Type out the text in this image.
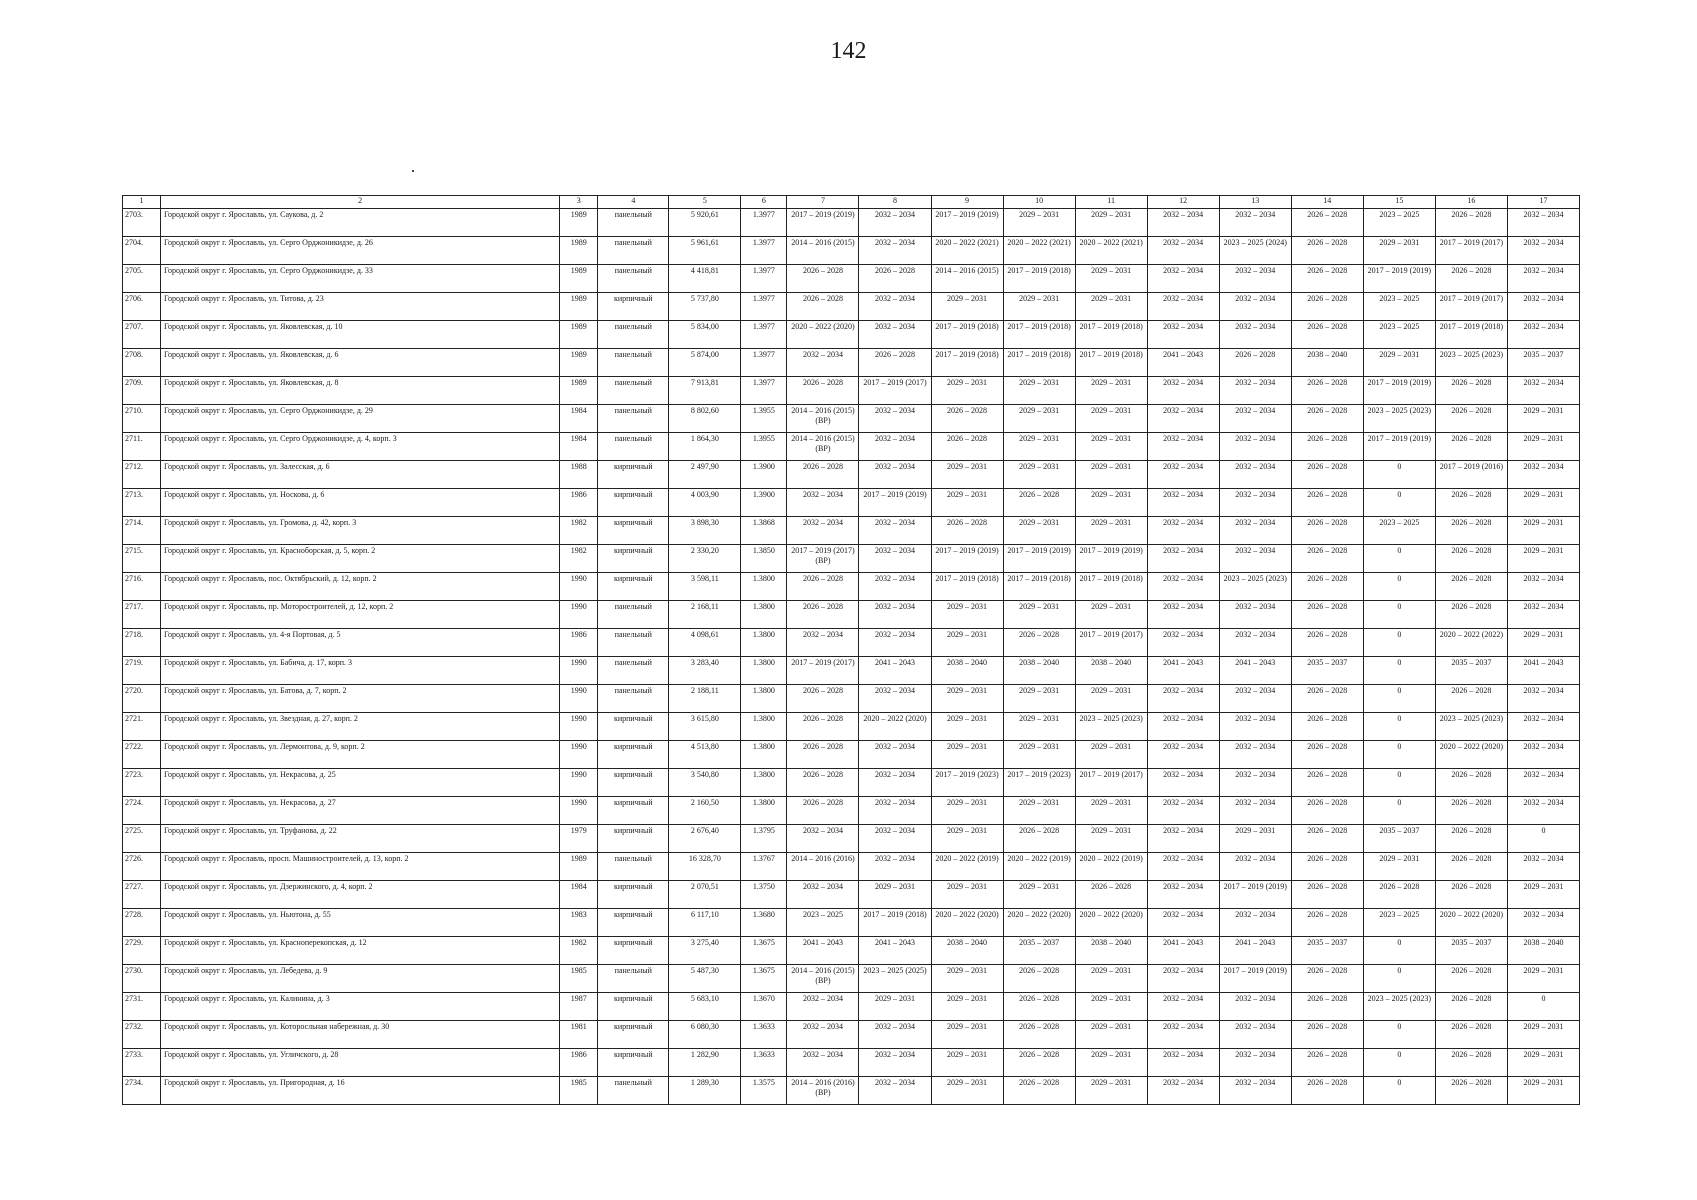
142
1	2	3	4	5	6	7	8	9	10	11	12	13	14	15	16	17
2703.	Городской округ г. Ярославль, ул. Саукова, д. 2	1989	панельный	5 920,61	1.3977	2017 – 2019 (2019)	2032 – 2034	2017 – 2019 (2019)	2029 – 2031	2029 – 2031	2032 – 2034	2032 – 2034	2026 – 2028	2023 – 2025	2026 – 2028	2032 – 2034
2704.	Городской округ г. Ярославль, ул. Серго Орджоникидзе, д. 26	1989	панельный	5 961,61	1.3977	2014 – 2016 (2015)	2032 – 2034	2020 – 2022 (2021)	2020 – 2022 (2021)	2020 – 2022 (2021)	2032 – 2034	2023 – 2025 (2024)	2026 – 2028	2029 – 2031	2017 – 2019 (2017)	2032 – 2034
2705.	Городской округ г. Ярославль, ул. Серго Орджоникидзе, д. 33	1989	панельный	4 418,81	1.3977	2026 – 2028	2026 – 2028	2014 – 2016 (2015)	2017 – 2019 (2018)	2029 – 2031	2032 – 2034	2032 – 2034	2026 – 2028	2017 – 2019 (2019)	2026 – 2028	2032 – 2034
2706.	Городской округ г. Ярославль, ул. Титова, д. 23	1989	кирпичный	5 737,80	1.3977	2026 – 2028	2032 – 2034	2029 – 2031	2029 – 2031	2029 – 2031	2032 – 2034	2032 – 2034	2026 – 2028	2023 – 2025	2017 – 2019 (2017)	2032 – 2034
2707.	Городской округ г. Ярославль, ул. Яковлевская, д. 10	1989	панельный	5 834,00	1.3977	2020 – 2022 (2020)	2032 – 2034	2017 – 2019 (2018)	2017 – 2019 (2018)	2017 – 2019 (2018)	2032 – 2034	2032 – 2034	2026 – 2028	2023 – 2025	2017 – 2019 (2018)	2032 – 2034
2708.	Городской округ г. Ярославль, ул. Яковлевская, д. 6	1989	панельный	5 874,00	1.3977	2032 – 2034	2026 – 2028	2017 – 2019 (2018)	2017 – 2019 (2018)	2017 – 2019 (2018)	2041 – 2043	2026 – 2028	2038 – 2040	2029 – 2031	2023 – 2025 (2023)	2035 – 2037
2709.	Городской округ г. Ярославль, ул. Яковлевская, д. 8	1989	панельный	7 913,81	1.3977	2026 – 2028	2017 – 2019 (2017)	2029 – 2031	2029 – 2031	2029 – 2031	2032 – 2034	2032 – 2034	2026 – 2028	2017 – 2019 (2019)	2026 – 2028	2032 – 2034
2710.	Городской округ г. Ярославль, ул. Серго Орджоникидзе, д. 29	1984	панельный	8 802,60	1.3955	2014 – 2016 (2015) (ВР)	2032 – 2034	2026 – 2028	2029 – 2031	2029 – 2031	2032 – 2034	2032 – 2034	2026 – 2028	2023 – 2025 (2023)	2026 – 2028	2029 – 2031
2711.	Городской округ г. Ярославль, ул. Серго Орджоникидзе, д. 4, корп. 3	1984	панельный	1 864,30	1.3955	2014 – 2016 (2015) (ВР)	2032 – 2034	2026 – 2028	2029 – 2031	2029 – 2031	2032 – 2034	2032 – 2034	2026 – 2028	2017 – 2019 (2019)	2026 – 2028	2029 – 2031
2712.	Городской округ г. Ярославль, ул. Залесская, д. 6	1988	кирпичный	2 497,90	1.3900	2026 – 2028	2032 – 2034	2029 – 2031	2029 – 2031	2029 – 2031	2032 – 2034	2032 – 2034	2026 – 2028	0	2017 – 2019 (2016)	2032 – 2034
2713.	Городской округ г. Ярославль, ул. Носкова, д. 6	1986	кирпичный	4 003,90	1.3900	2032 – 2034	2017 – 2019 (2019)	2029 – 2031	2026 – 2028	2029 – 2031	2032 – 2034	2032 – 2034	2026 – 2028	0	2026 – 2028	2029 – 2031
2714.	Городской округ г. Ярославль, ул. Громова, д. 42, корп. 3	1982	кирпичный	3 898,30	1.3868	2032 – 2034	2032 – 2034	2026 – 2028	2029 – 2031	2029 – 2031	2032 – 2034	2032 – 2034	2026 – 2028	2023 – 2025	2026 – 2028	2029 – 2031
2715.	Городской округ г. Ярославль, ул. Красноборская, д. 5, корп. 2	1982	кирпичный	2 330,20	1.3850	2017 – 2019 (2017) (ВР)	2032 – 2034	2017 – 2019 (2019)	2017 – 2019 (2019)	2017 – 2019 (2019)	2032 – 2034	2032 – 2034	2026 – 2028	0	2026 – 2028	2029 – 2031
2716.	Городской округ г. Ярославль, пос. Октябрьский, д. 12, корп. 2	1990	кирпичный	3 598,11	1.3800	2026 – 2028	2032 – 2034	2017 – 2019 (2018)	2017 – 2019 (2018)	2017 – 2019 (2018)	2032 – 2034	2023 – 2025 (2023)	2026 – 2028	0	2026 – 2028	2032 – 2034
2717.	Городской округ г. Ярославль, пр. Моторостроителей, д. 12, корп. 2	1990	панельный	2 168,11	1.3800	2026 – 2028	2032 – 2034	2029 – 2031	2029 – 2031	2029 – 2031	2032 – 2034	2032 – 2034	2026 – 2028	0	2026 – 2028	2032 – 2034
2718.	Городской округ г. Ярославль, ул. 4-я Портовая, д. 5	1986	панельный	4 098,61	1.3800	2032 – 2034	2032 – 2034	2029 – 2031	2026 – 2028	2017 – 2019 (2017)	2032 – 2034	2032 – 2034	2026 – 2028	0	2020 – 2022 (2022)	2029 – 2031
2719.	Городской округ г. Ярославль, ул. Бабича, д. 17, корп. 3	1990	панельный	3 283,40	1.3800	2017 – 2019 (2017)	2041 – 2043	2038 – 2040	2038 – 2040	2038 – 2040	2041 – 2043	2041 – 2043	2035 – 2037	0	2035 – 2037	2041 – 2043
2720.	Городской округ г. Ярославль, ул. Батова, д. 7, корп. 2	1990	панельный	2 188,11	1.3800	2026 – 2028	2032 – 2034	2029 – 2031	2029 – 2031	2029 – 2031	2032 – 2034	2032 – 2034	2026 – 2028	0	2026 – 2028	2032 – 2034
2721.	Городской округ г. Ярославль, ул. Звездная, д. 27, корп. 2	1990	кирпичный	3 615,80	1.3800	2026 – 2028	2020 – 2022 (2020)	2029 – 2031	2029 – 2031	2023 – 2025 (2023)	2032 – 2034	2032 – 2034	2026 – 2028	0	2023 – 2025 (2023)	2032 – 2034
2722.	Городской округ г. Ярославль, ул. Лермонтова, д. 9, корп. 2	1990	кирпичный	4 513,80	1.3800	2026 – 2028	2032 – 2034	2029 – 2031	2029 – 2031	2029 – 2031	2032 – 2034	2032 – 2034	2026 – 2028	0	2020 – 2022 (2020)	2032 – 2034
2723.	Городской округ г. Ярославль, ул. Некрасова, д. 25	1990	кирпичный	3 540,80	1.3800	2026 – 2028	2032 – 2034	2017 – 2019 (2023)	2017 – 2019 (2023)	2017 – 2019 (2017)	2032 – 2034	2032 – 2034	2026 – 2028	0	2026 – 2028	2032 – 2034
2724.	Городской округ г. Ярославль, ул. Некрасова, д. 27	1990	кирпичный	2 160,50	1.3800	2026 – 2028	2032 – 2034	2029 – 2031	2029 – 2031	2029 – 2031	2032 – 2034	2032 – 2034	2026 – 2028	0	2026 – 2028	2032 – 2034
2725.	Городской округ г. Ярославль, ул. Труфанова, д. 22	1979	кирпичный	2 676,40	1.3795	2032 – 2034	2032 – 2034	2029 – 2031	2026 – 2028	2029 – 2031	2032 – 2034	2029 – 2031	2026 – 2028	2035 – 2037	2026 – 2028	0
2726.	Городской округ г. Ярославль, просп. Машиностроителей, д. 13, корп. 2	1989	панельный	16 328,70	1.3767	2014 – 2016 (2016)	2032 – 2034	2020 – 2022 (2019)	2020 – 2022 (2019)	2020 – 2022 (2019)	2032 – 2034	2032 – 2034	2026 – 2028	2029 – 2031	2026 – 2028	2032 – 2034
2727.	Городской округ г. Ярославль, ул. Дзержинского, д. 4, корп. 2	1984	кирпичный	2 070,51	1.3750	2032 – 2034	2029 – 2031	2029 – 2031	2029 – 2031	2026 – 2028	2032 – 2034	2017 – 2019 (2019)	2026 – 2028	2026 – 2028	2026 – 2028	2029 – 2031
2728.	Городской округ г. Ярославль, ул. Ньютона, д. 55	1983	кирпичный	6 117,10	1.3680	2023 – 2025	2017 – 2019 (2018)	2020 – 2022 (2020)	2020 – 2022 (2020)	2020 – 2022 (2020)	2032 – 2034	2032 – 2034	2026 – 2028	2023 – 2025	2020 – 2022 (2020)	2032 – 2034
2729.	Городской округ г. Ярославль, ул. Красноперекопская, д. 12	1982	кирпичный	3 275,40	1.3675	2041 – 2043	2041 – 2043	2038 – 2040	2035 – 2037	2038 – 2040	2041 – 2043	2041 – 2043	2035 – 2037	0	2035 – 2037	2038 – 2040
2730.	Городской округ г. Ярославль, ул. Лебедева, д. 9	1985	панельный	5 487,30	1.3675	2014 – 2016 (2015) (ВР)	2023 – 2025 (2025)	2029 – 2031	2026 – 2028	2029 – 2031	2032 – 2034	2017 – 2019 (2019)	2026 – 2028	0	2026 – 2028	2029 – 2031
2731.	Городской округ г. Ярославль, ул. Калинина, д. 3	1987	кирпичный	5 683,10	1.3670	2032 – 2034	2029 – 2031	2029 – 2031	2026 – 2028	2029 – 2031	2032 – 2034	2032 – 2034	2026 – 2028	2023 – 2025 (2023)	2026 – 2028	0
2732.	Городской округ г. Ярославль, ул. Которосльная набережная, д. 30	1981	кирпичный	6 080,30	1.3633	2032 – 2034	2032 – 2034	2029 – 2031	2026 – 2028	2029 – 2031	2032 – 2034	2032 – 2034	2026 – 2028	0	2026 – 2028	2029 – 2031
2733.	Городской округ г. Ярославль, ул. Угличского, д. 28	1986	кирпичный	1 282,90	1.3633	2032 – 2034	2032 – 2034	2029 – 2031	2026 – 2028	2029 – 2031	2032 – 2034	2032 – 2034	2026 – 2028	0	2026 – 2028	2029 – 2031
2734.	Городской округ г. Ярославль, ул. Пригородная, д. 16	1985	панельный	1 289,30	1.3575	2014 – 2016 (2016) (ВР)	2032 – 2034	2029 – 2031	2026 – 2028	2029 – 2031	2032 – 2034	2032 – 2034	2026 – 2028	0	2026 – 2028	2029 – 2031
